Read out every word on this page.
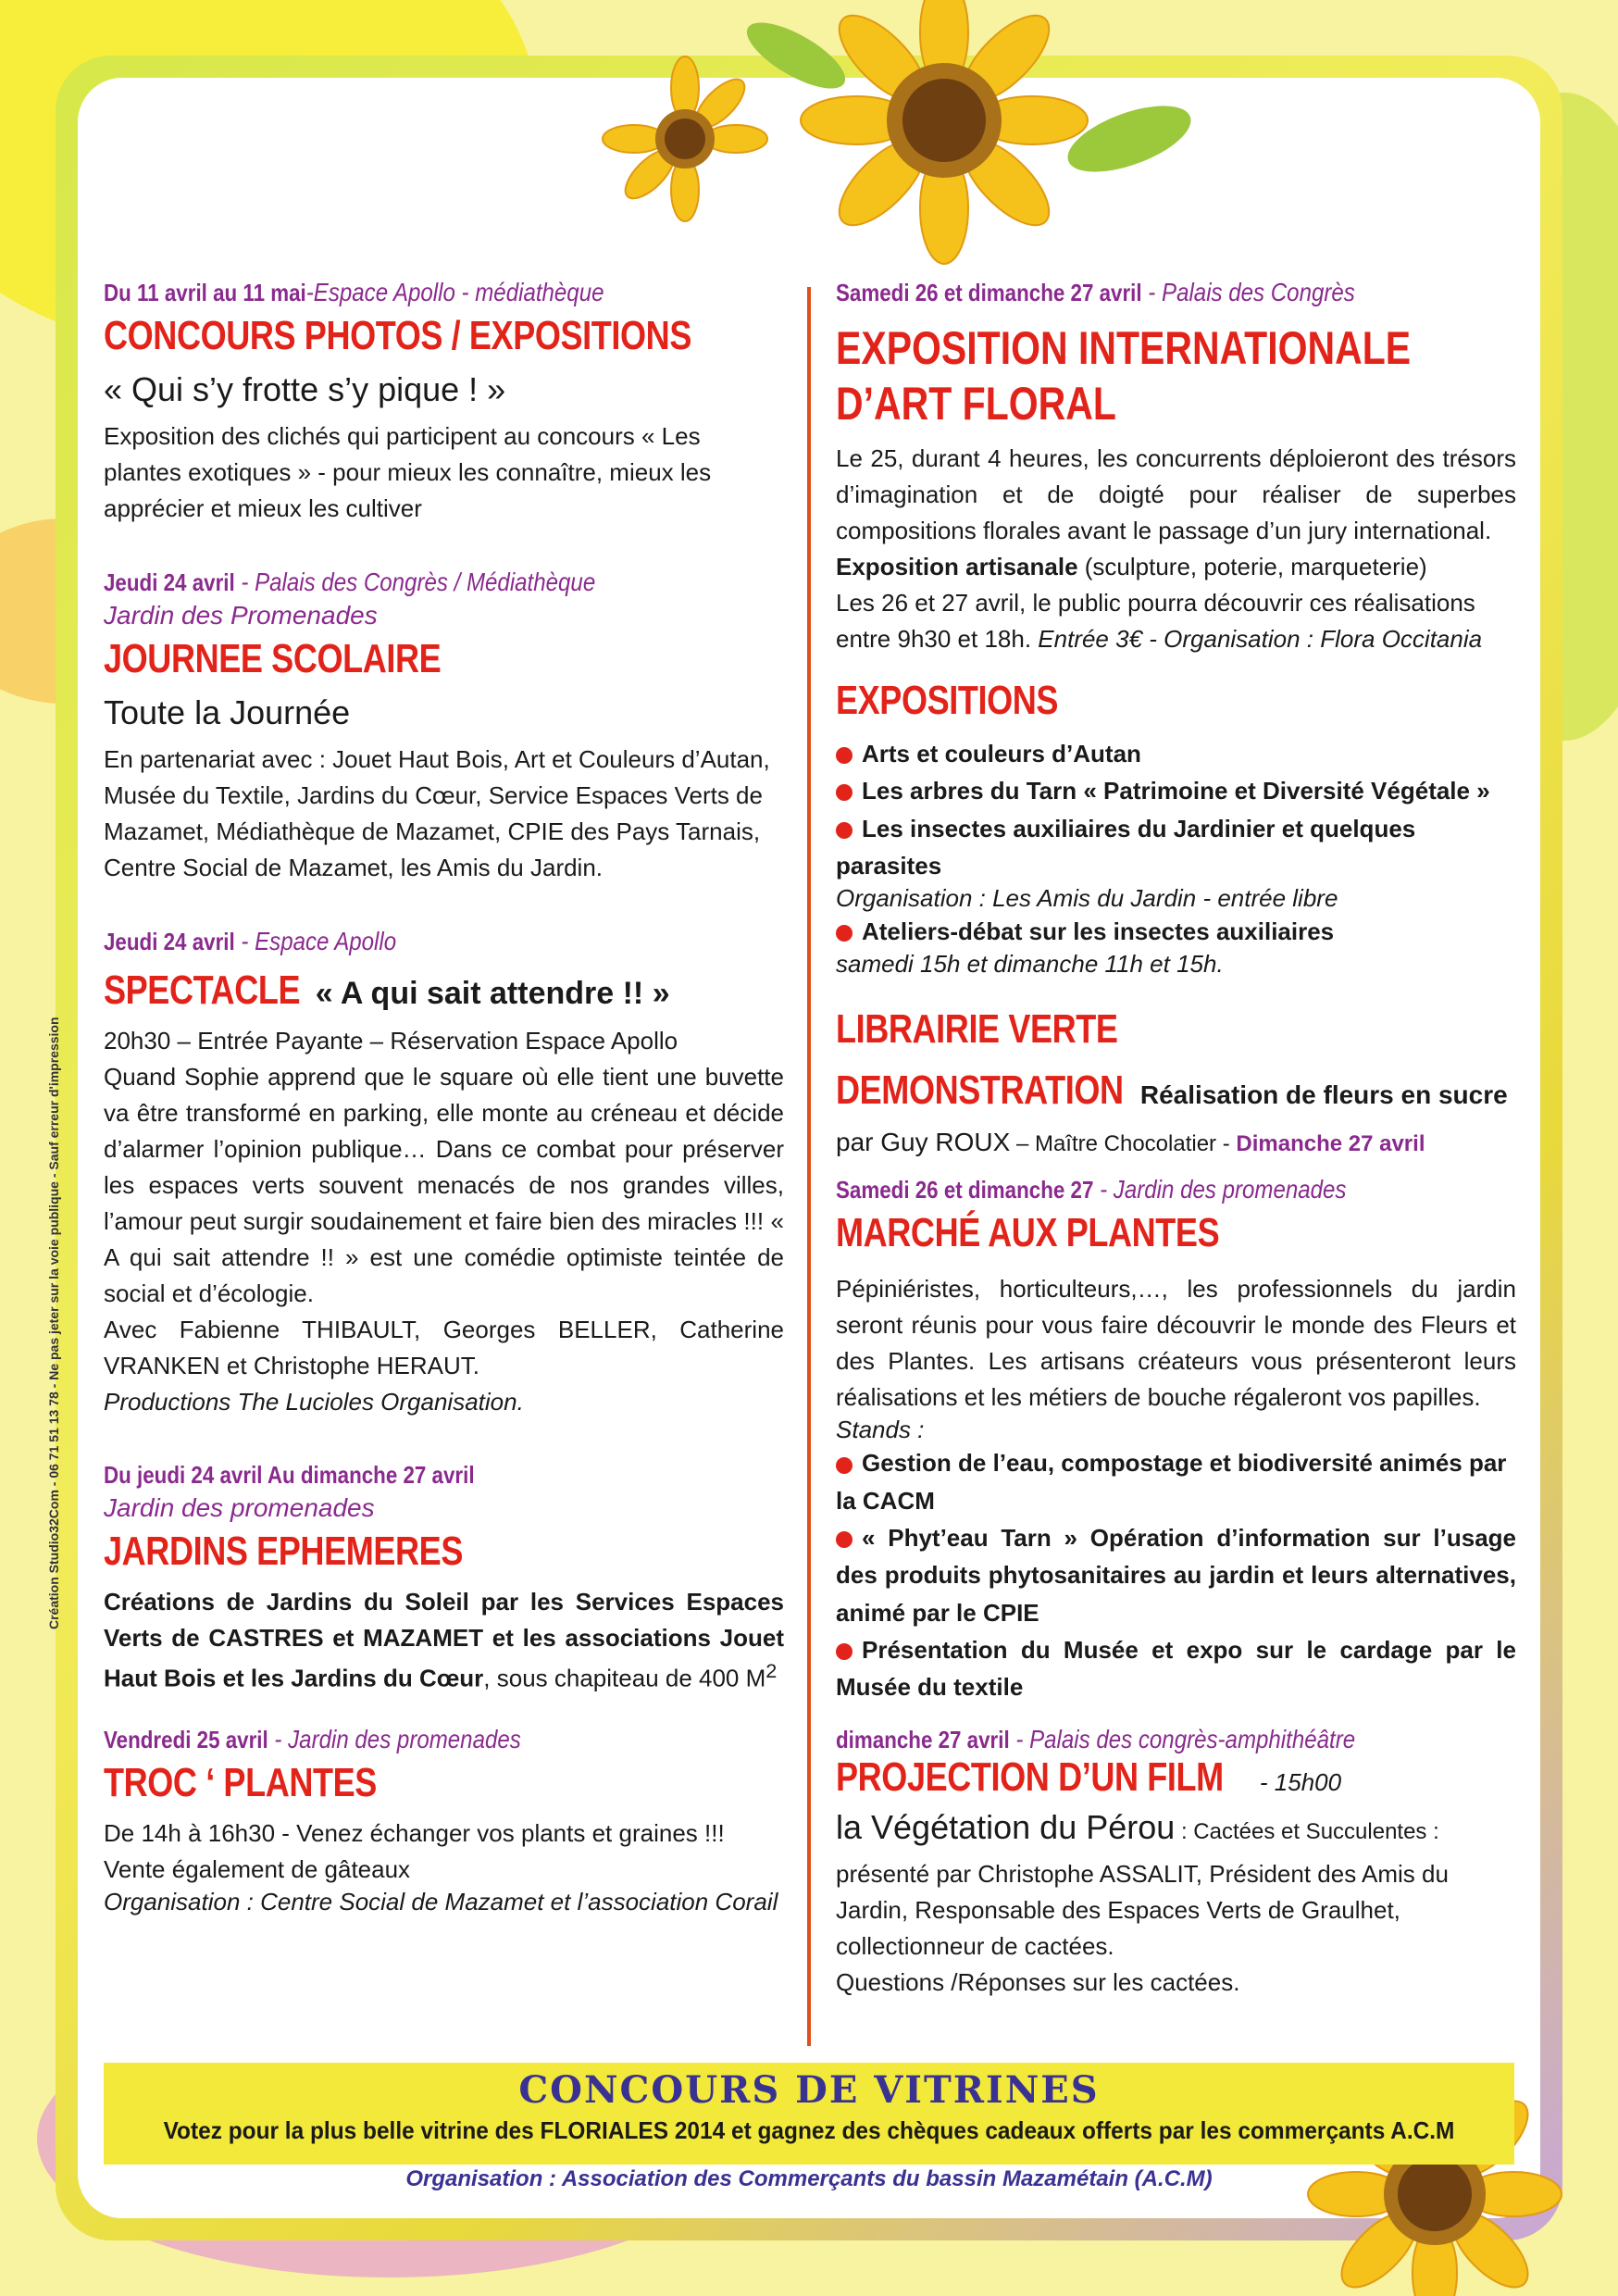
Du 11 avril au 11 mai-Espace Apollo - médiathèque

CONCOURS PHOTOS / EXPOSITIONS

« Qui s’y frotte s’y pique ! »

Exposition des clichés qui participent au concours « Les plantes exotiques » - pour mieux les connaître, mieux les apprécier et mieux les cultiver

Jeudi 24 avril - Palais des Congrès / Médiathèque

Jardin des Promenades

JOURNEE SCOLAIRE

Toute la Journée

En partenariat avec : Jouet Haut Bois, Art et Couleurs d’Autan, Musée du Textile, Jardins du Cœur, Service Espaces Verts de Mazamet, Médiathèque de Mazamet, CPIE des Pays Tarnais, Centre Social de Mazamet, les Amis du Jardin.

Jeudi 24 avril - Espace Apollo

SPECTACLE « A qui sait attendre !! »

20h30 – Entrée Payante – Réservation Espace Apollo

Quand Sophie apprend que le square où elle tient une buvette va être transformé en parking, elle monte au créneau et décide d’alarmer l’opinion publique… Dans ce combat pour préserver les espaces verts souvent menacés de nos grandes villes, l’amour peut surgir soudainement et faire bien des miracles !!! « A qui sait attendre !! » est une comédie optimiste teintée de social et d’écologie.

Avec Fabienne THIBAULT, Georges BELLER, Catherine VRANKEN et Christophe HERAUT.

Productions The Lucioles Organisation.

Du jeudi 24 avril Au dimanche 27 avril

Jardin des promenades

JARDINS EPHEMERES

Créations de Jardins du Soleil par les Services Espaces Verts de CASTRES et MAZAMET et les associations Jouet Haut Bois et les Jardins du Cœur, sous chapiteau de 400 $M^2$

Vendredi 25 avril - Jardin des promenades

TROC ‘ PLANTES

De 14h à 16h30 - Venez échanger vos plants et graines !!!

Vente également de gâteaux

Organisation : Centre Social de Mazamet et l’association Corail

Samedi 26 et dimanche 27 avril - Palais des Congrès

EXPOSITION INTERNATIONALE

D’ART FLORAL

Le 25, durant 4 heures, les concurrents déploieront des trésors d’imagination et de doigté pour réaliser de superbes compositions florales avant le passage d’un jury international.

Exposition artisanale (sculpture, poterie, marqueterie)

Les 26 et 27 avril, le public pourra découvrir ces réalisations entre 9h30 et 18h. Entrée 3€ - Organisation : Flora Occitania

EXPOSITIONS

Arts et couleurs d’Autan

Les arbres du Tarn « Patrimoine et Diversité Végétale »

Les insectes auxiliaires du Jardinier et quelques parasites

Organisation : Les Amis du Jardin - entrée libre

Ateliers-débat sur les insectes auxiliaires

samedi 15h et dimanche 11h et 15h.

LIBRAIRIE VERTE

DEMONSTRATION Réalisation de fleurs en sucre

par Guy ROUX – Maître Chocolatier - Dimanche 27 avril

Samedi 26 et dimanche 27 - Jardin des promenades

MARCHÉ AUX PLANTES

Pépiniéristes, horticulteurs,…, les professionnels du jardin seront réunis pour vous faire découvrir le monde des Fleurs et des Plantes. Les artisans créateurs vous présenteront leurs réalisations et les métiers de bouche régaleront vos papilles.

Stands :

Gestion de l’eau, compostage et biodiversité animés par la CACM

« Phyt’eau Tarn » Opération d’information sur l’usage des produits phytosanitaires au jardin et leurs alternatives, animé par le CPIE

Présentation du Musée et expo sur le cardage par le Musée du textile

dimanche 27 avril - Palais des congrès-amphithéâtre

PROJECTION D’UN FILM - 15h00

la Végétation du Pérou : Cactées et Succulentes :

présenté par Christophe ASSALIT, Président des Amis du Jardin, Responsable des Espaces Verts de Graulhet, collectionneur de cactées.

Questions /Réponses sur les cactées.

CONCOURS DE VITRINES

Votez pour la plus belle vitrine des FLORIALES 2014 et gagnez des chèques cadeaux offerts par les commerçants A.C.M

Organisation : Association des Commerçants du bassin Mazamétain (A.C.M)

Création Studio32Com - 06 71 51 13 78 - Ne pas jeter sur la voie publique - Sauf erreur d'impression
